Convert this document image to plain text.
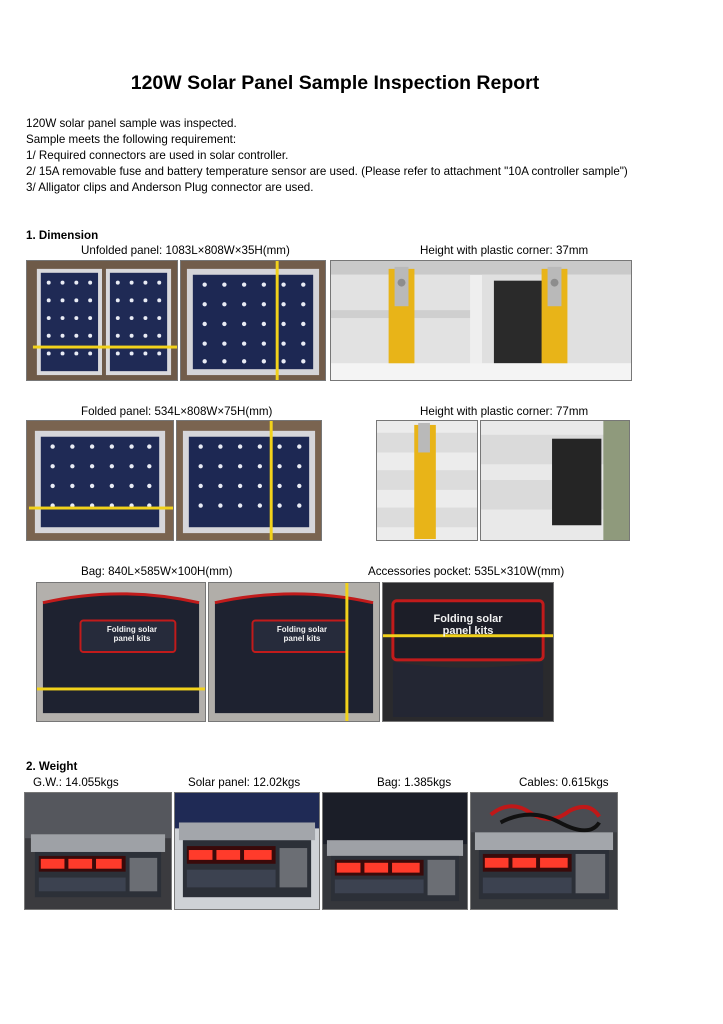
120W Solar Panel Sample Inspection Report
120W solar panel sample was inspected.
Sample meets the following requirement:
1/ Required connectors are used in solar controller.
2/ 15A removable fuse and battery temperature sensor are used. (Please refer to attachment "10A controller sample")
3/ Alligator clips and Anderson Plug connector are used.
1. Dimension
Unfolded panel: 1083L×808W×35H(mm)	Height with plastic corner: 37mm
Folded panel: 534L×808W×75H(mm)	Height with plastic corner: 77mm
Bag: 840L×585W×100H(mm)	Accessories pocket: 535L×310W(mm)
Folding solar
panel kits
Folding solar
panel kits
Folding solar
panel kits
2. Weight
G.W.: 14.055kgs	Solar panel: 12.02kgs	Bag: 1.385kgs	Cables: 0.615kgs
